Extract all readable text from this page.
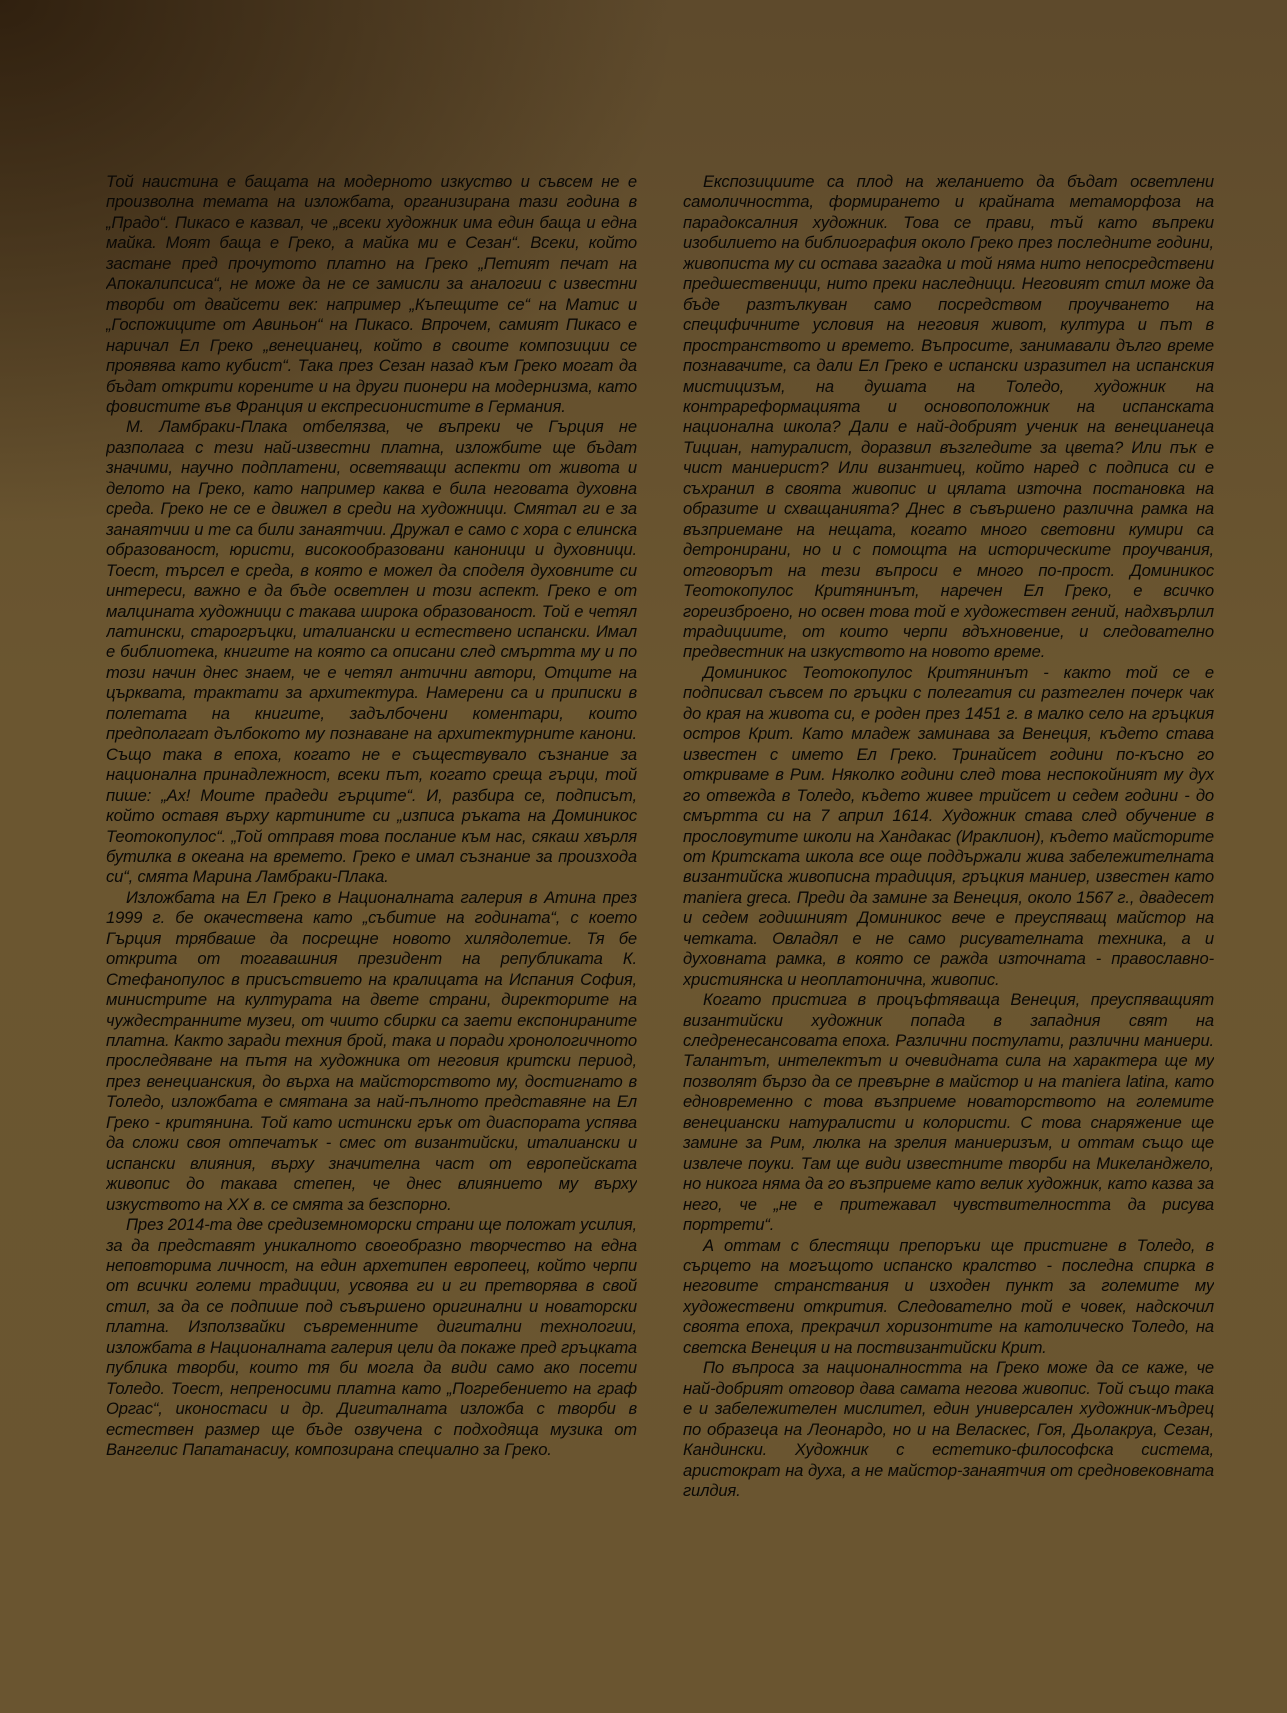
Той наистина е бащата на модерното изкуство и съвсем не е произволна темата на изложбата, организирана тази година в „Прадо“. Пикасо е казвал, че „всеки художник има един баща и една майка. Моят баща е Греко, а майка ми е Сезан“. Всеки, който застане пред прочутото платно на Греко „Петият печат на Апокалипсиса“, не може да не се замисли за аналогии с известни творби от двайсети век: например „Къпещите се“ на Матис и „Госпожиците от Авиньон“ на Пикасо. Впрочем, самият Пикасо е наричал Ел Греко „венецианец, който в своите композиции се проявява като кубист“. Така през Сезан назад към Греко могат да бъдат открити корените и на други пионери на модернизма, като фовистите във Франция и експресионистите в Германия.

М. Ламбраки-Плака отбелязва, че въпреки че Гърция не разполага с тези най-известни платна, изложбите ще бъдат значими, научно подплатени, осветяващи аспекти от живота и делото на Греко, като например каква е била неговата духовна среда. Греко не се е движел в среди на художници. Смятал ги е за занаятчии и те са били занаятчии. Дружал е само с хора с елинска образованост, юристи, високообразовани каноници и духовници. Тоест, търсел е среда, в която е можел да споделя духовните си интереси, важно е да бъде осветлен и този аспект. Греко е от малцината художници с такава широка образованост. Той е четял латински, старогръцки, италиански и естествено испански. Имал е библиотека, книгите на която са описани след смъртта му и по този начин днес знаем, че е четял антични автори, Отците на църквата, трактати за архитектура. Намерени са и приписки в полетата на книгите, задълбочени коментари, които предполагат дълбокото му познаване на архитектурните канони. Също така в епоха, когато не е съществувало съзнание за национална принадлежност, всеки път, когато среща гърци, той пише: „Ах! Моите прадеди гърците“. И, разбира се, подписът, който оставя върху картините си „изписа ръката на Доминикос Теотокопулос“. „Той отправя това послание към нас, сякаш хвърля бутилка в океана на времето. Греко е имал съзнание за произхода си“, смята Марина Ламбраки-Плака.

Изложбата на Ел Греко в Националната галерия в Атина през 1999 г. бе окачествена като „събитие на годината“, с което Гърция трябваше да посрещне новото хилядолетие. Тя бе открита от тогавашния президент на републиката К. Стефанопулос в присъствието на кралицата на Испания София, министрите на културата на двете страни, директорите на чуждестранните музеи, от чиито сбирки са заети експонираните платна. Както заради техния брой, така и поради хронологичното проследяване на пътя на художника от неговия критски период, през венецианския, до върха на майсторството му, достигнато в Толедо, изложбата е смятана за най-пълното представяне на Ел Греко - критянина. Той като истински грък от диаспората успява да сложи своя отпечатък - смес от византийски, италиански и испански влияния, върху значителна част от европейската живопис до такава степен, че днес влиянието му върху изкуството на XX в. се смята за безспорно.

През 2014-та две средиземноморски страни ще положат усилия, за да представят уникалното своеобразно творчество на една неповторима личност, на един архетипен европеец, който черпи от всички големи традиции, усвоява ги и ги претворява в свой стил, за да се подпише под съвършено оригинални и новаторски платна. Използвайки съвременните дигитални технологии, изложбата в Националната галерия цели да покаже пред гръцката публика творби, които тя би могла да види само ако посети Толедо. Тоест, непреносими платна като „Погребението на граф Оргас“, иконостаси и др. Дигиталната изложба с творби в естествен размер ще бъде озвучена с подходяща музика от Вангелис Папатанасиу, композирана специално за Греко.

Експозициите са плод на желанието да бъдат осветлени самоличността, формирането и крайната метаморфоза на парадоксалния художник. Това се прави, тъй като въпреки изобилието на библиография около Греко през последните години, живописта му си остава загадка и той няма нито непосредствени предшественици, нито преки наследници. Неговият стил може да бъде разтълкуван само посредством проучването на специфичните условия на неговия живот, култура и път в пространството и времето. Въпросите, занимавали дълго време познавачите, са дали Ел Греко е испански изразител на испанския мистицизъм, на душата на Толедо, художник на контрареформацията и основоположник на испанската национална школа? Дали е най-добрият ученик на венецианеца Тициан, натуралист, доразвил възгледите за цвета? Или пък е чист маниерист? Или византиец, който наред с подписа си е съхранил в своята живопис и цялата източна постановка на образите и схващанията? Днес в съвършено различна рамка на възприемане на нещата, когато много световни кумири са детронирани, но и с помощта на историческите проучвания, отговорът на тези въпроси е много по-прост. Доминикос Теотокопулос Критянинът, наречен Ел Греко, е всичко гореизброено, но освен това той е художествен гений, надхвърлил традициите, от които черпи вдъхновение, и следователно предвестник на изкуството на новото време.

Доминикос Теотокопулос Критянинът - както той се е подписвал съвсем по гръцки с полегатия си разтеглен почерк чак до края на живота си, е роден през 1451 г. в малко село на гръцкия остров Крит. Като младеж заминава за Венеция, където става известен с името Ел Греко. Тринайсет години по-късно го откриваме в Рим. Няколко години след това неспокойният му дух го отвежда в Толедо, където живее трийсет и седем години - до смъртта си на 7 април 1614. Художник става след обучение в прословутите школи на Хандакас (Ираклион), където майсторите от Критската школа все още поддържали жива забележителната византийска живописна традиция, гръцкия маниер, известен като maniera greca. Преди да замине за Венеция, около 1567 г., двадесет и седем годишният Доминикос вече е преуспяващ майстор на четката. Овладял е не само рисувателната техника, а и духовната рамка, в която се ражда източната - православно-християнска и неоплатонична, живопис.

Когато пристига в процъфтяваща Венеция, преуспяващият византийски художник попада в западния свят на следренесансовата епоха. Различни постулати, различни маниери. Талантът, интелектът и очевидната сила на характера ще му позволят бързо да се превърне в майстор и на maniera latina, като едновременно с това възприеме новаторството на големите венециански натуралисти и колористи. С това снаряжение ще замине за Рим, люлка на зрелия маниеризъм, и оттам също ще извлече поуки. Там ще види известните творби на Микеланджело, но никога няма да го възприеме като велик художник, като казва за него, че „не е притежавал чувствителността да рисува портрети“.

А оттам с блестящи препоръки ще пристигне в Толедо, в сърцето на могъщото испанско кралство - последна спирка в неговите странствания и изходен пункт за големите му художествени открития. Следователно той е човек, надскочил своята епоха, прекрачил хоризонтите на католическо Толедо, на светска Венеция и на поствизантийски Крит.

По въпроса за националността на Греко може да се каже, че най-добрият отговор дава самата негова живопис. Той също така е и забележителен мислител, един универсален художник-мъдрец по образеца на Леонардо, но и на Веласкес, Гоя, Дьолакруа, Сезан, Кандински. Художник с естетико-философска система, аристократ на духа, а не майстор-занаятчия от средновековната гилдия.
